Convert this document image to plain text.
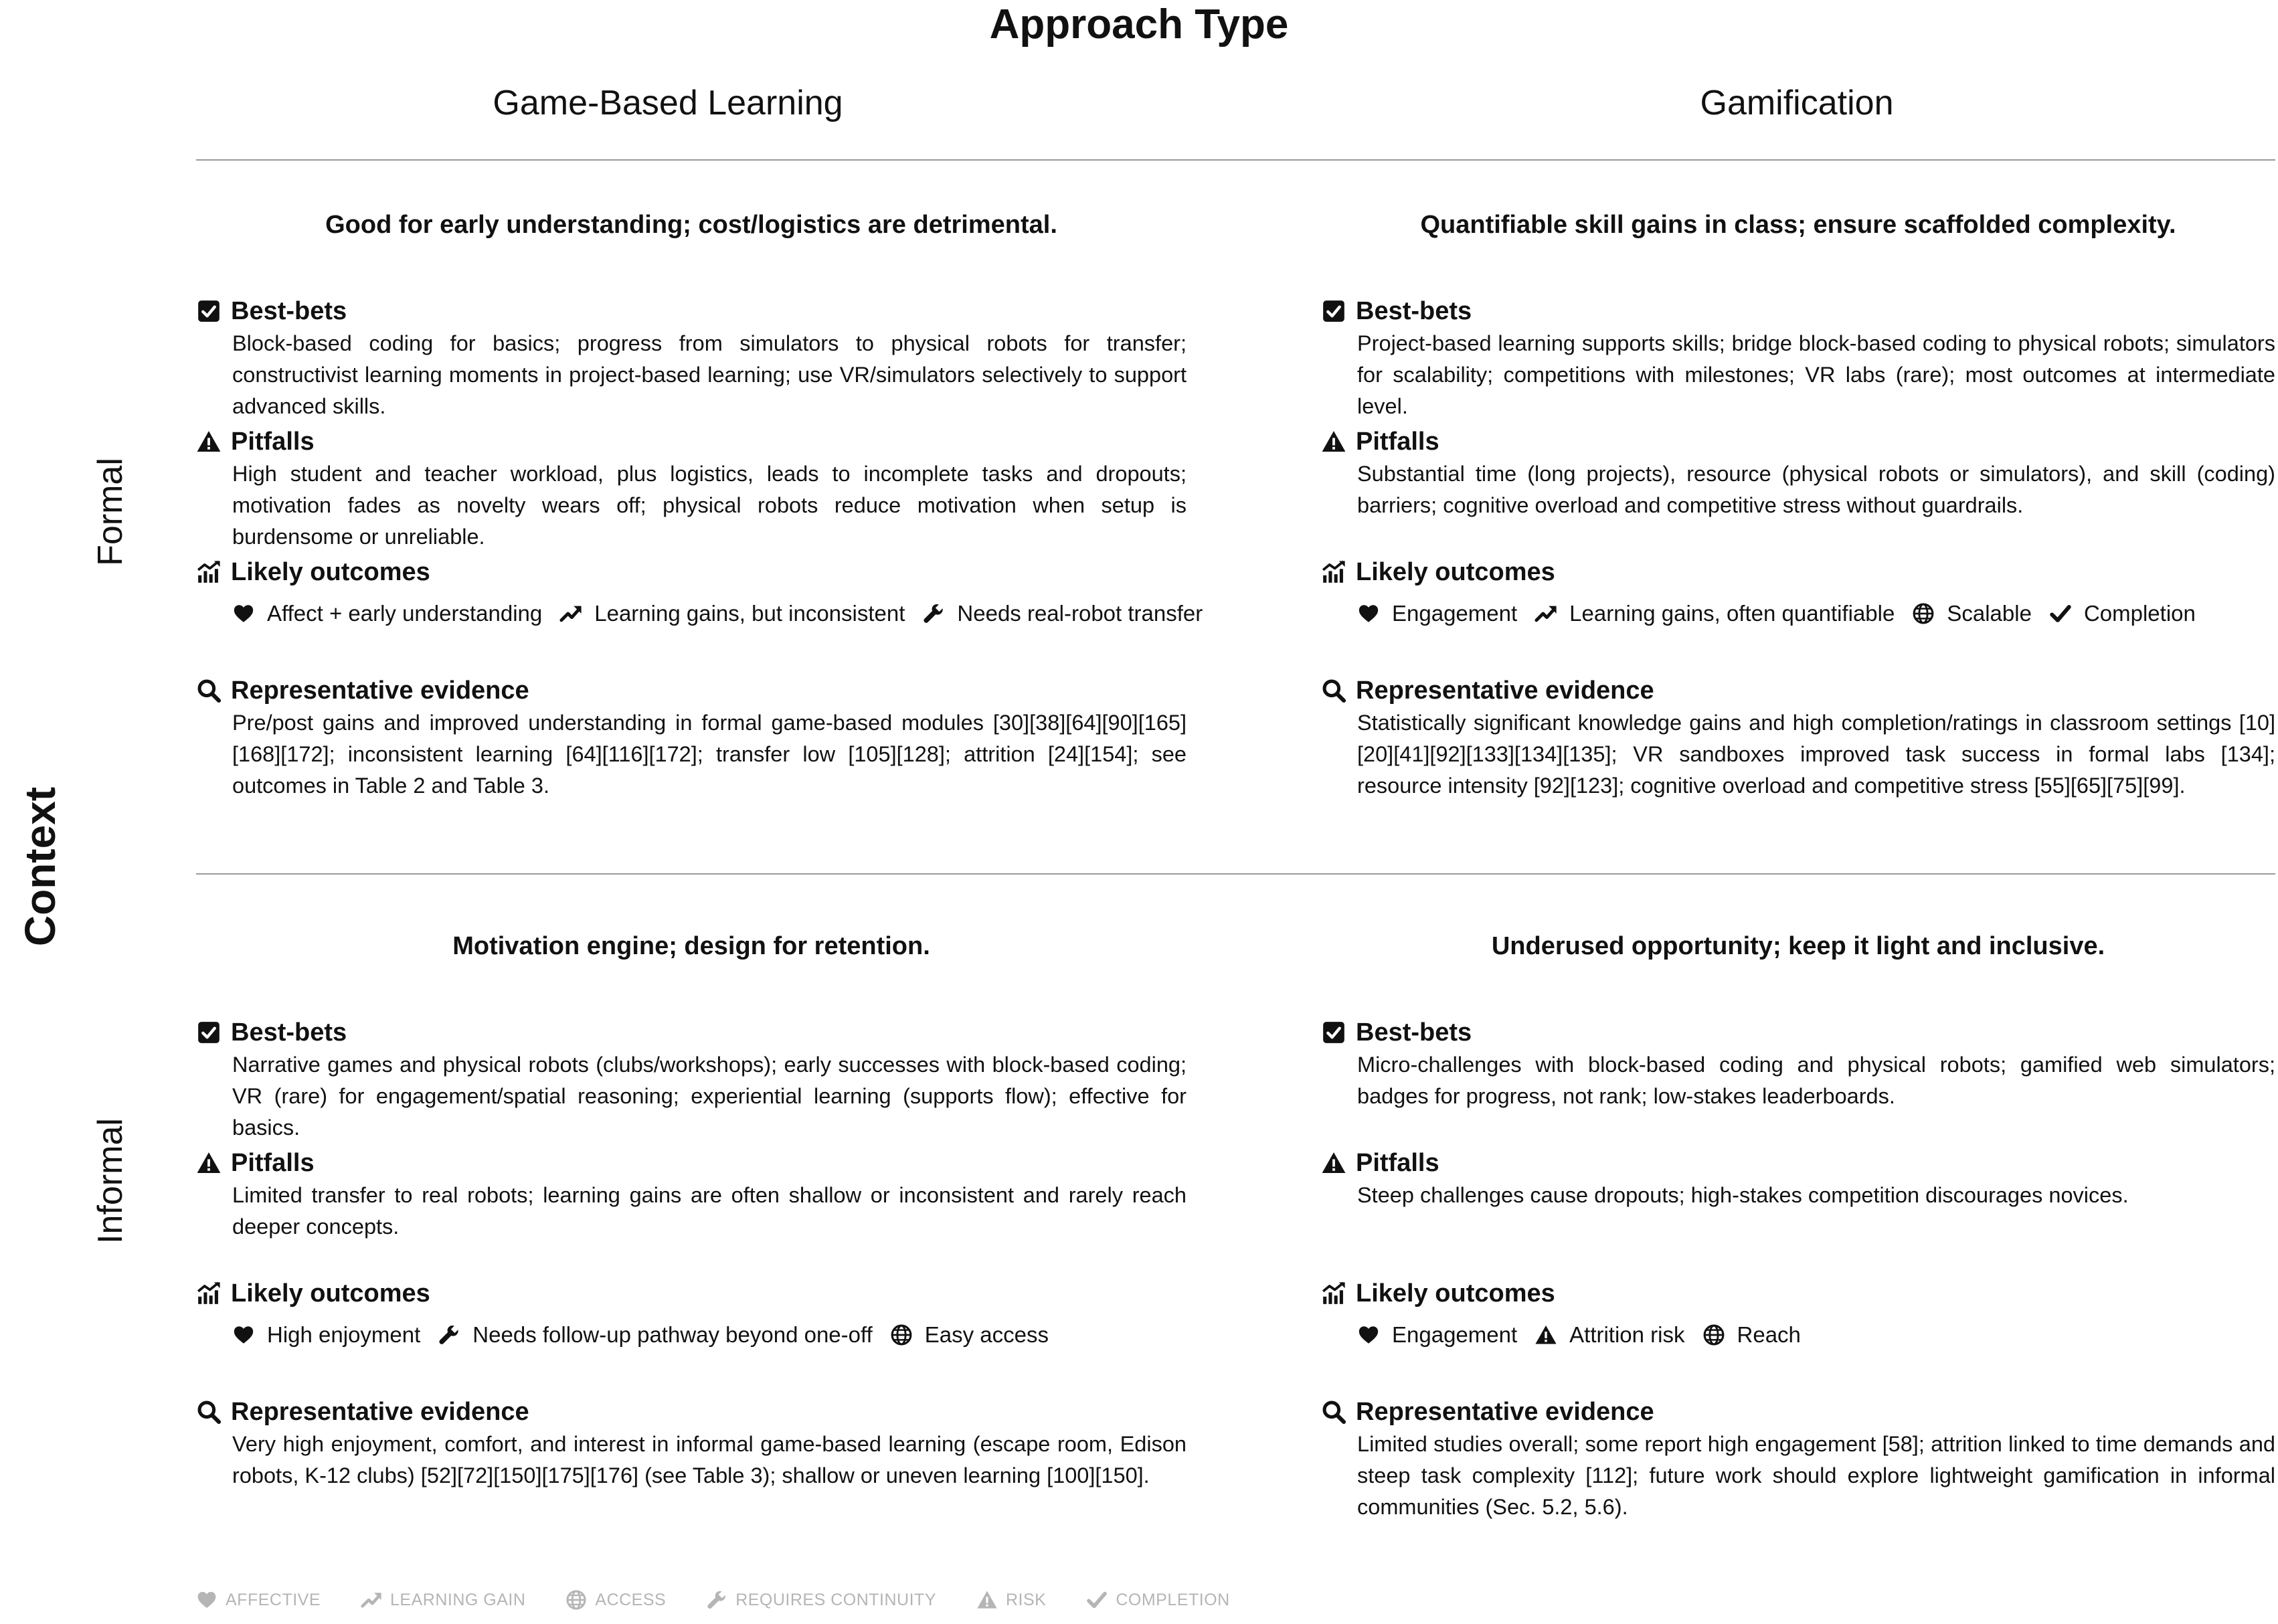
Approach Type
Game-Based Learning	Gamification
Context
Formal
Informal
Good for early understanding; cost/logistics are detrimental.
Best-bets
Block-based coding for basics; progress from simulators to physical robots for transfer; constructivist learning moments in project-based learning; use VR/simulators selectively to support advanced skills.
Pitfalls
High student and teacher workload, plus logistics, leads to incomplete tasks and dropouts; motivation fades as novelty wears off; physical robots reduce motivation when setup is burdensome or unreliable.
Likely outcomes
Affect + early understanding Learning gains, but inconsistent Needs real-robot transfer
Representative evidence
Pre/post gains and improved understanding in formal game-based modules [30][38][64][90][165][168][172]; inconsistent learning [64][116][172]; transfer low [105][128]; attrition [24][154]; see outcomes in Table 2 and Table 3.
Quantifiable skill gains in class; ensure scaffolded complexity.
Best-bets
Project-based learning supports skills; bridge block-based coding to physical robots; simulators for scalability; competitions with milestones; VR labs (rare); most outcomes at intermediate level.
Pitfalls
Substantial time (long projects), resource (physical robots or simulators), and skill (coding) barriers; cognitive overload and competitive stress without guardrails.
Likely outcomes
Engagement Learning gains, often quantifiable Scalable Completion
Representative evidence
Statistically significant knowledge gains and high completion/ratings in classroom settings [10][20][41][92][133][134][135]; VR sandboxes improved task success in formal labs [134]; resource intensity [92][123]; cognitive overload and competitive stress [55][65][75][99].
Motivation engine; design for retention.
Best-bets
Narrative games and physical robots (clubs/workshops); early successes with block-based coding; VR (rare) for engagement/spatial reasoning; experiential learning (supports flow); effective for basics.
Pitfalls
Limited transfer to real robots; learning gains are often shallow or inconsistent and rarely reach deeper concepts.
Likely outcomes
High enjoyment Needs follow-up pathway beyond one-off Easy access
Representative evidence
Very high enjoyment, comfort, and interest in informal game-based learning (escape room, Edison robots, K-12 clubs) [52][72][150][175][176] (see Table 3); shallow or uneven learning [100][150].
Underused opportunity; keep it light and inclusive.
Best-bets
Micro-challenges with block-based coding and physical robots; gamified web simulators; badges for progress, not rank; low-stakes leaderboards.
Pitfalls
Steep challenges cause dropouts; high-stakes competition discourages novices.
Likely outcomes
Engagement Attrition risk Reach
Representative evidence
Limited studies overall; some report high engagement [58]; attrition linked to time demands and steep task complexity [112]; future work should explore lightweight gamification in informal communities (Sec. 5.2, 5.6).
AFFECTIVE	LEARNING GAIN	ACCESS	REQUIRES CONTINUITY	RISK	COMPLETION
